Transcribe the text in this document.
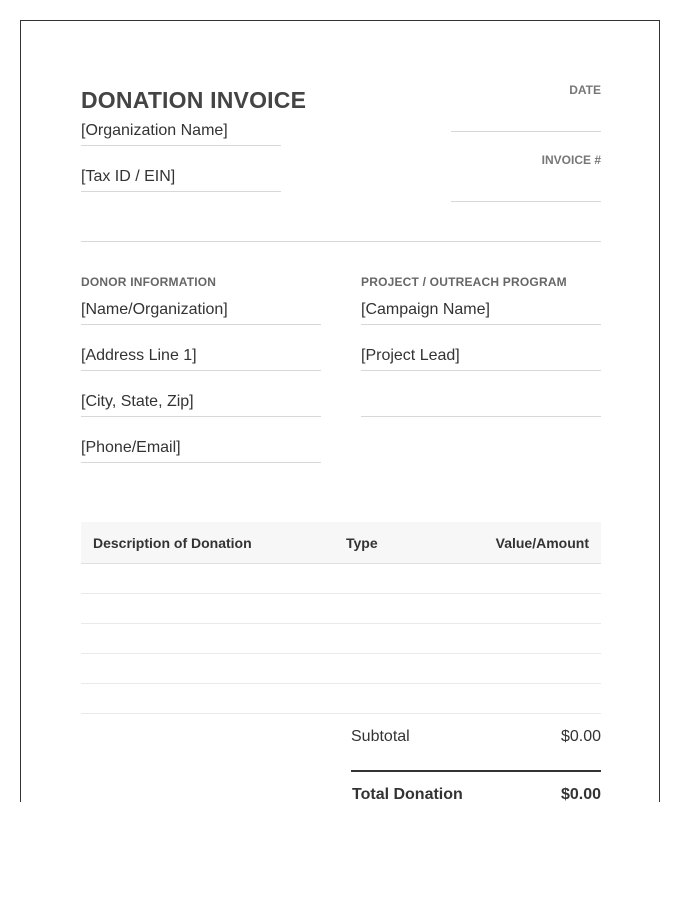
DONATION INVOICE
[Organization Name]
[Tax ID / EIN]
DATE
INVOICE #
DONOR INFORMATION
[Name/Organization]
[Address Line 1]
[City, State, Zip]
[Phone/Email]
PROJECT / OUTREACH PROGRAM
[Campaign Name]
[Project Lead]
Description of Donation	Type	Value/Amount
Subtotal	$0.00
Total Donation	$0.00
